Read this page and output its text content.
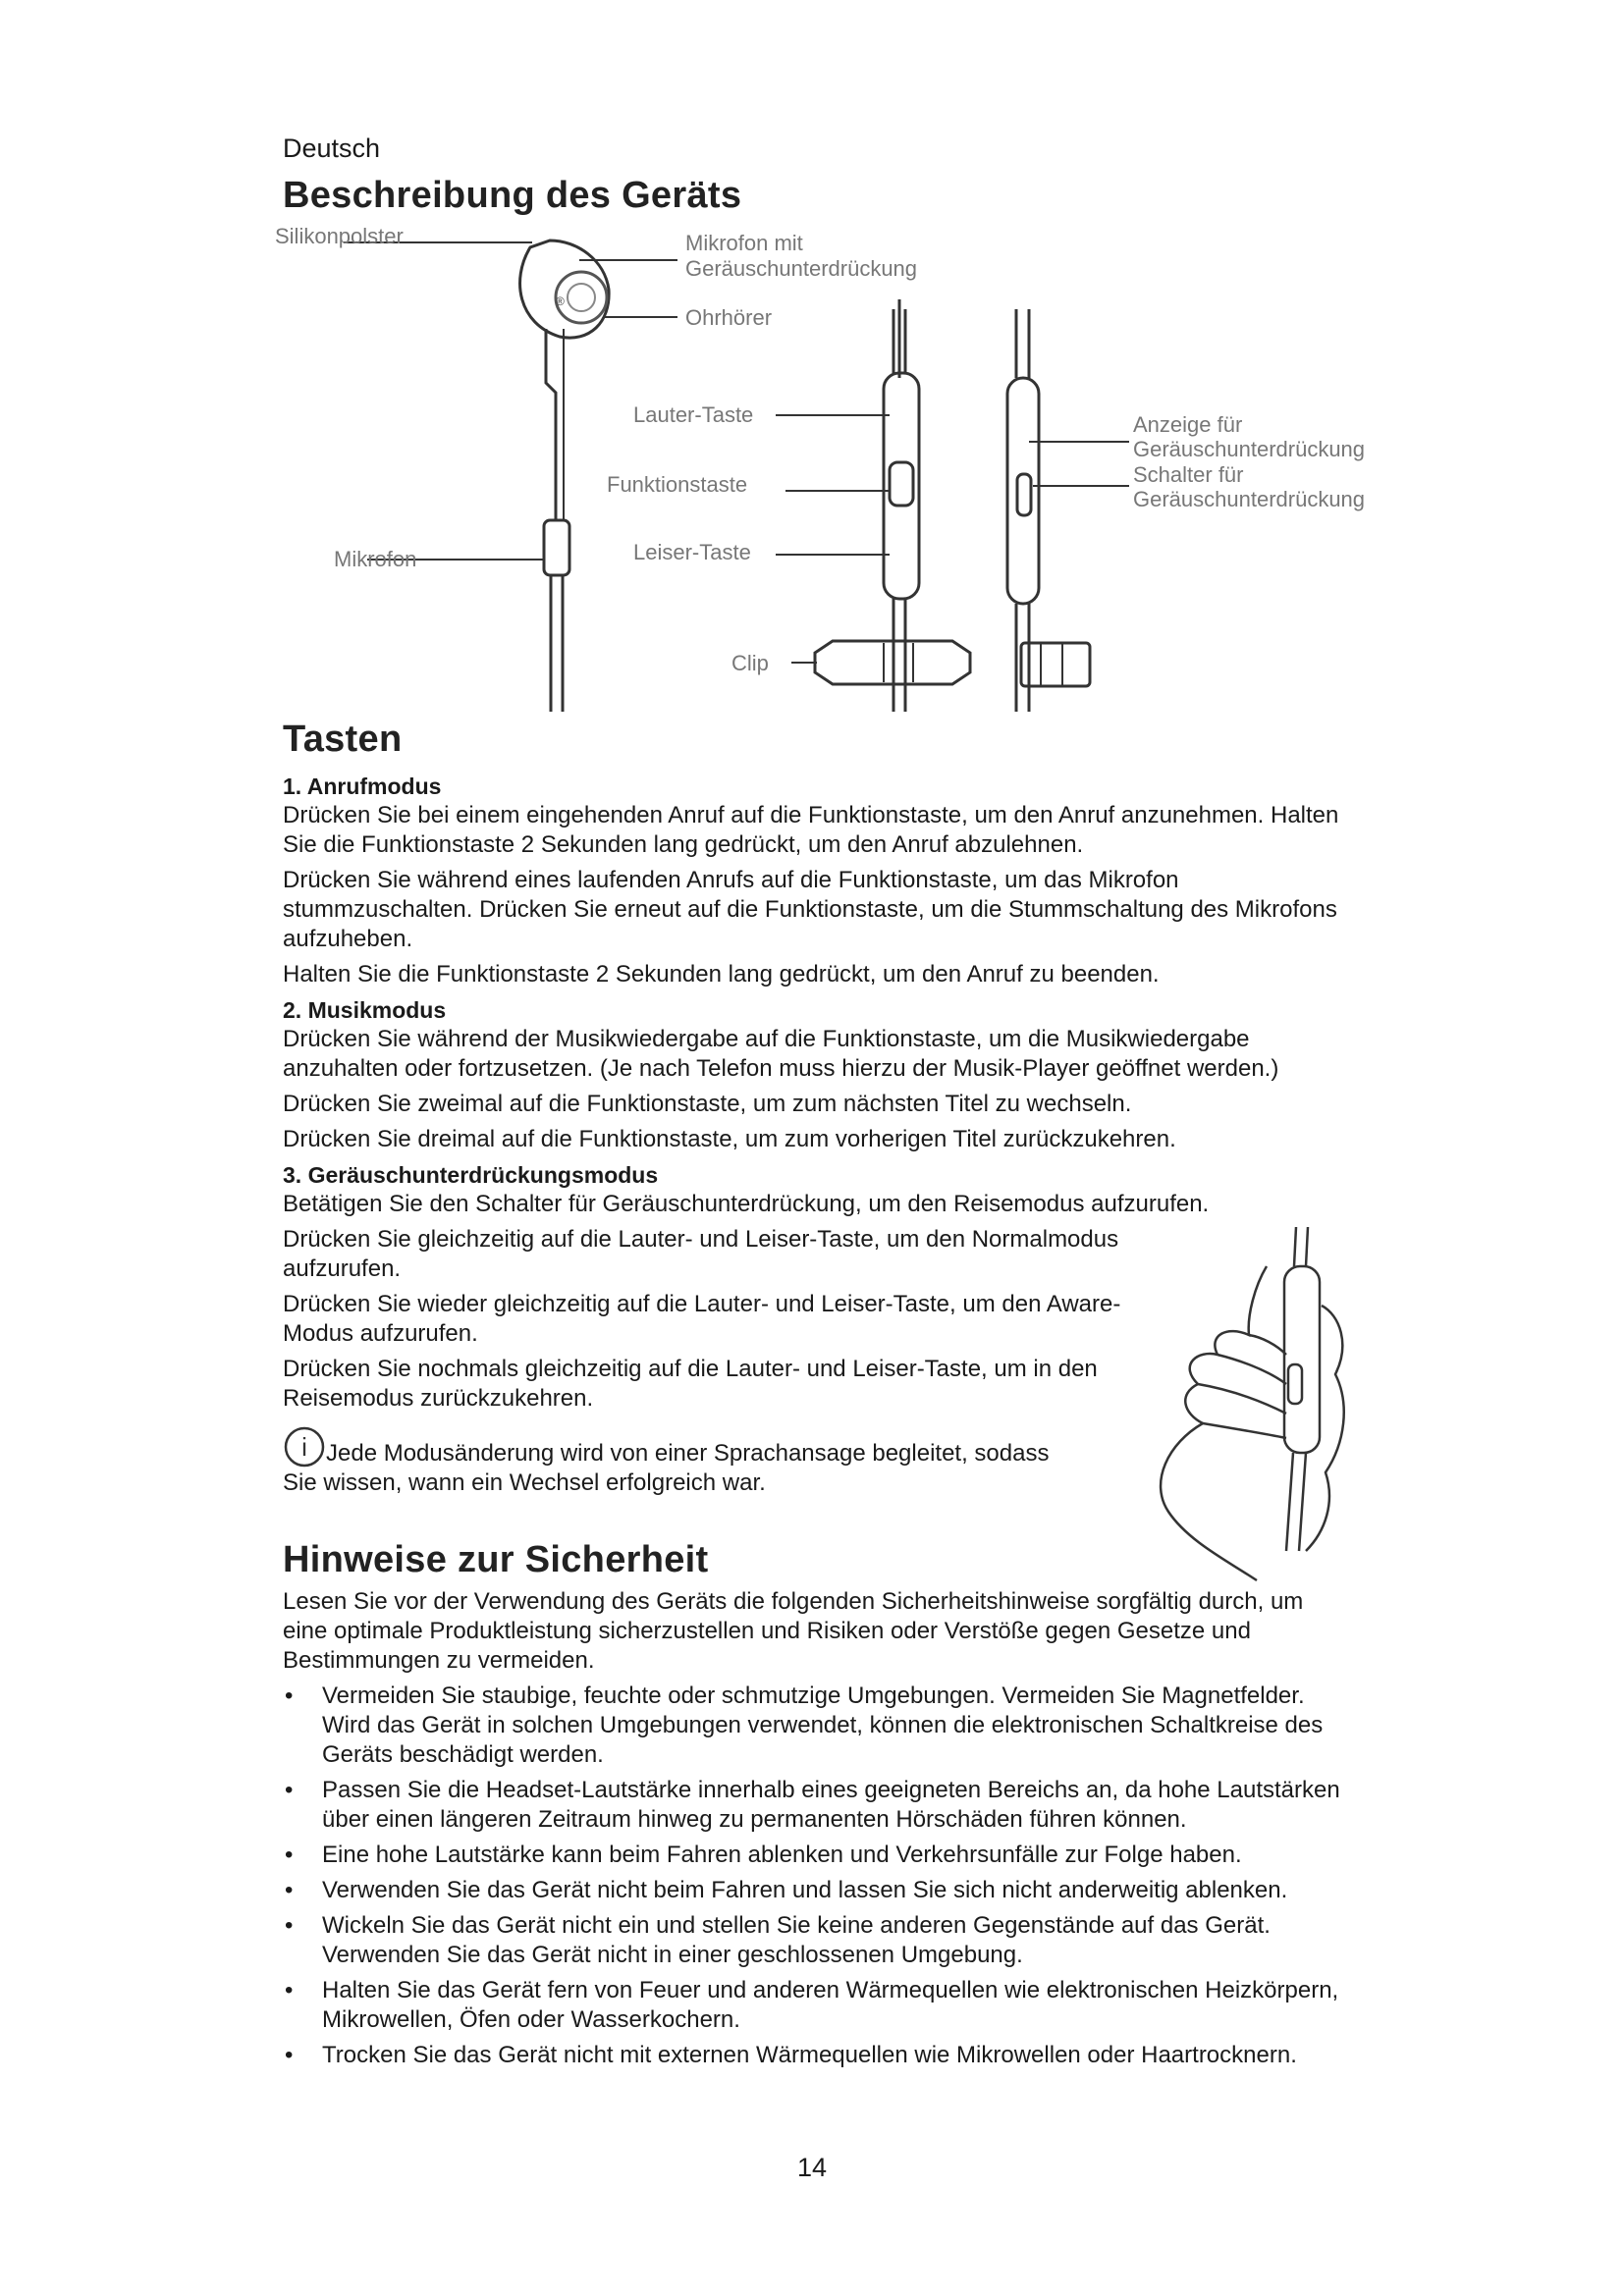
Deutsch
Beschreibung des Geräts
®
Silikonpolster	Mikrofon mit
Geräuschunterdrückung
Ohrhörer
Lauter-Taste
Funktionstaste
Leiser-Taste
Mikrofon
Clip
Anzeige für
Geräuschunterdrückung
Schalter für
Geräuschunterdrückung
Tasten
1. Anrufmodus

Drücken Sie bei einem eingehenden Anruf auf die Funktionstaste, um den Anruf anzunehmen. Halten Sie die Funktionstaste 2 Sekunden lang gedrückt, um den Anruf abzulehnen.

Drücken Sie während eines laufenden Anrufs auf die Funktionstaste, um das Mikrofon stummzuschalten. Drücken Sie erneut auf die Funktionstaste, um die Stummschaltung des Mikrofons aufzuheben.

Halten Sie die Funktionstaste 2 Sekunden lang gedrückt, um den Anruf zu beenden.

2. Musikmodus

Drücken Sie während der Musikwiedergabe auf die Funktionstaste, um die Musikwiedergabe anzuhalten oder fortzusetzen. (Je nach Telefon muss hierzu der Musik-Player geöffnet werden.)

Drücken Sie zweimal auf die Funktionstaste, um zum nächsten Titel zu wechseln.

Drücken Sie dreimal auf die Funktionstaste, um zum vorherigen Titel zurückzukehren.

3. Geräuschunterdrückungsmodus

Betätigen Sie den Schalter für Geräuschunterdrückung, um den Reisemodus aufzurufen.

Drücken Sie gleichzeitig auf die Lauter- und Leiser-Taste, um den Normalmodus aufzurufen.

Drücken Sie wieder gleichzeitig auf die Lauter- und Leiser-Taste, um den Aware-Modus aufzurufen.

Drücken Sie nochmals gleichzeitig auf die Lauter- und Leiser-Taste, um in den Reisemodus zurückzukehren.

i Jede Modusänderung wird von einer Sprachansage begleitet, sodass Sie wissen, wann ein Wechsel erfolgreich war.

Hinweise zur Sicherheit

Lesen Sie vor der Verwendung des Geräts die folgenden Sicherheitshinweise sorgfältig durch, um eine optimale Produktleistung sicherzustellen und Risiken oder Verstöße gegen Gesetze und Bestimmungen zu vermeiden.

• Vermeiden Sie staubige, feuchte oder schmutzige Umgebungen. Vermeiden Sie Magnetfelder. Wird das Gerät in solchen Umgebungen verwendet, können die elektronischen Schaltkreise des Geräts beschädigt werden.
• Passen Sie die Headset-Lautstärke innerhalb eines geeigneten Bereichs an, da hohe Lautstärken über einen längeren Zeitraum hinweg zu permanenten Hörschäden führen können.
• Eine hohe Lautstärke kann beim Fahren ablenken und Verkehrsunfälle zur Folge haben.
• Verwenden Sie das Gerät nicht beim Fahren und lassen Sie sich nicht anderweitig ablenken.
• Wickeln Sie das Gerät nicht ein und stellen Sie keine anderen Gegenstände auf das Gerät. Verwenden Sie das Gerät nicht in einer geschlossenen Umgebung.
• Halten Sie das Gerät fern von Feuer und anderen Wärmequellen wie elektronischen Heizkörpern, Mikrowellen, Öfen oder Wasserkochern.
• Trocken Sie das Gerät nicht mit externen Wärmequellen wie Mikrowellen oder Haartrocknern.
14
